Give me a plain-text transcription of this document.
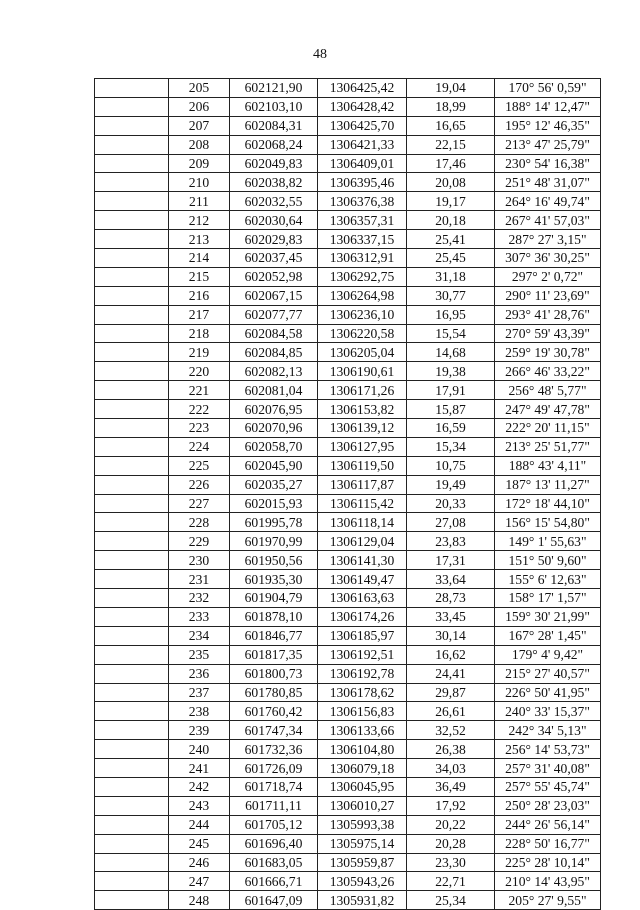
48
	205	602121,90	1306425,42	19,04	170° 56' 0,59"
	206	602103,10	1306428,42	18,99	188° 14' 12,47"
	207	602084,31	1306425,70	16,65	195° 12' 46,35"
	208	602068,24	1306421,33	22,15	213° 47' 25,79"
	209	602049,83	1306409,01	17,46	230° 54' 16,38"
	210	602038,82	1306395,46	20,08	251° 48' 31,07"
	211	602032,55	1306376,38	19,17	264° 16' 49,74"
	212	602030,64	1306357,31	20,18	267° 41' 57,03"
	213	602029,83	1306337,15	25,41	287° 27' 3,15"
	214	602037,45	1306312,91	25,45	307° 36' 30,25"
	215	602052,98	1306292,75	31,18	297° 2' 0,72"
	216	602067,15	1306264,98	30,77	290° 11' 23,69"
	217	602077,77	1306236,10	16,95	293° 41' 28,76"
	218	602084,58	1306220,58	15,54	270° 59' 43,39"
	219	602084,85	1306205,04	14,68	259° 19' 30,78"
	220	602082,13	1306190,61	19,38	266° 46' 33,22"
	221	602081,04	1306171,26	17,91	256° 48' 5,77"
	222	602076,95	1306153,82	15,87	247° 49' 47,78"
	223	602070,96	1306139,12	16,59	222° 20' 11,15"
	224	602058,70	1306127,95	15,34	213° 25' 51,77"
	225	602045,90	1306119,50	10,75	188° 43' 4,11"
	226	602035,27	1306117,87	19,49	187° 13' 11,27"
	227	602015,93	1306115,42	20,33	172° 18' 44,10"
	228	601995,78	1306118,14	27,08	156° 15' 54,80"
	229	601970,99	1306129,04	23,83	149° 1' 55,63"
	230	601950,56	1306141,30	17,31	151° 50' 9,60"
	231	601935,30	1306149,47	33,64	155° 6' 12,63"
	232	601904,79	1306163,63	28,73	158° 17' 1,57"
	233	601878,10	1306174,26	33,45	159° 30' 21,99"
	234	601846,77	1306185,97	30,14	167° 28' 1,45"
	235	601817,35	1306192,51	16,62	179° 4' 9,42"
	236	601800,73	1306192,78	24,41	215° 27' 40,57"
	237	601780,85	1306178,62	29,87	226° 50' 41,95"
	238	601760,42	1306156,83	26,61	240° 33' 15,37"
	239	601747,34	1306133,66	32,52	242° 34' 5,13"
	240	601732,36	1306104,80	26,38	256° 14' 53,73"
	241	601726,09	1306079,18	34,03	257° 31' 40,08"
	242	601718,74	1306045,95	36,49	257° 55' 45,74"
	243	601711,11	1306010,27	17,92	250° 28' 23,03"
	244	601705,12	1305993,38	20,22	244° 26' 56,14"
	245	601696,40	1305975,14	20,28	228° 50' 16,77"
	246	601683,05	1305959,87	23,30	225° 28' 10,14"
	247	601666,71	1305943,26	22,71	210° 14' 43,95"
	248	601647,09	1305931,82	25,34	205° 27' 9,55"
